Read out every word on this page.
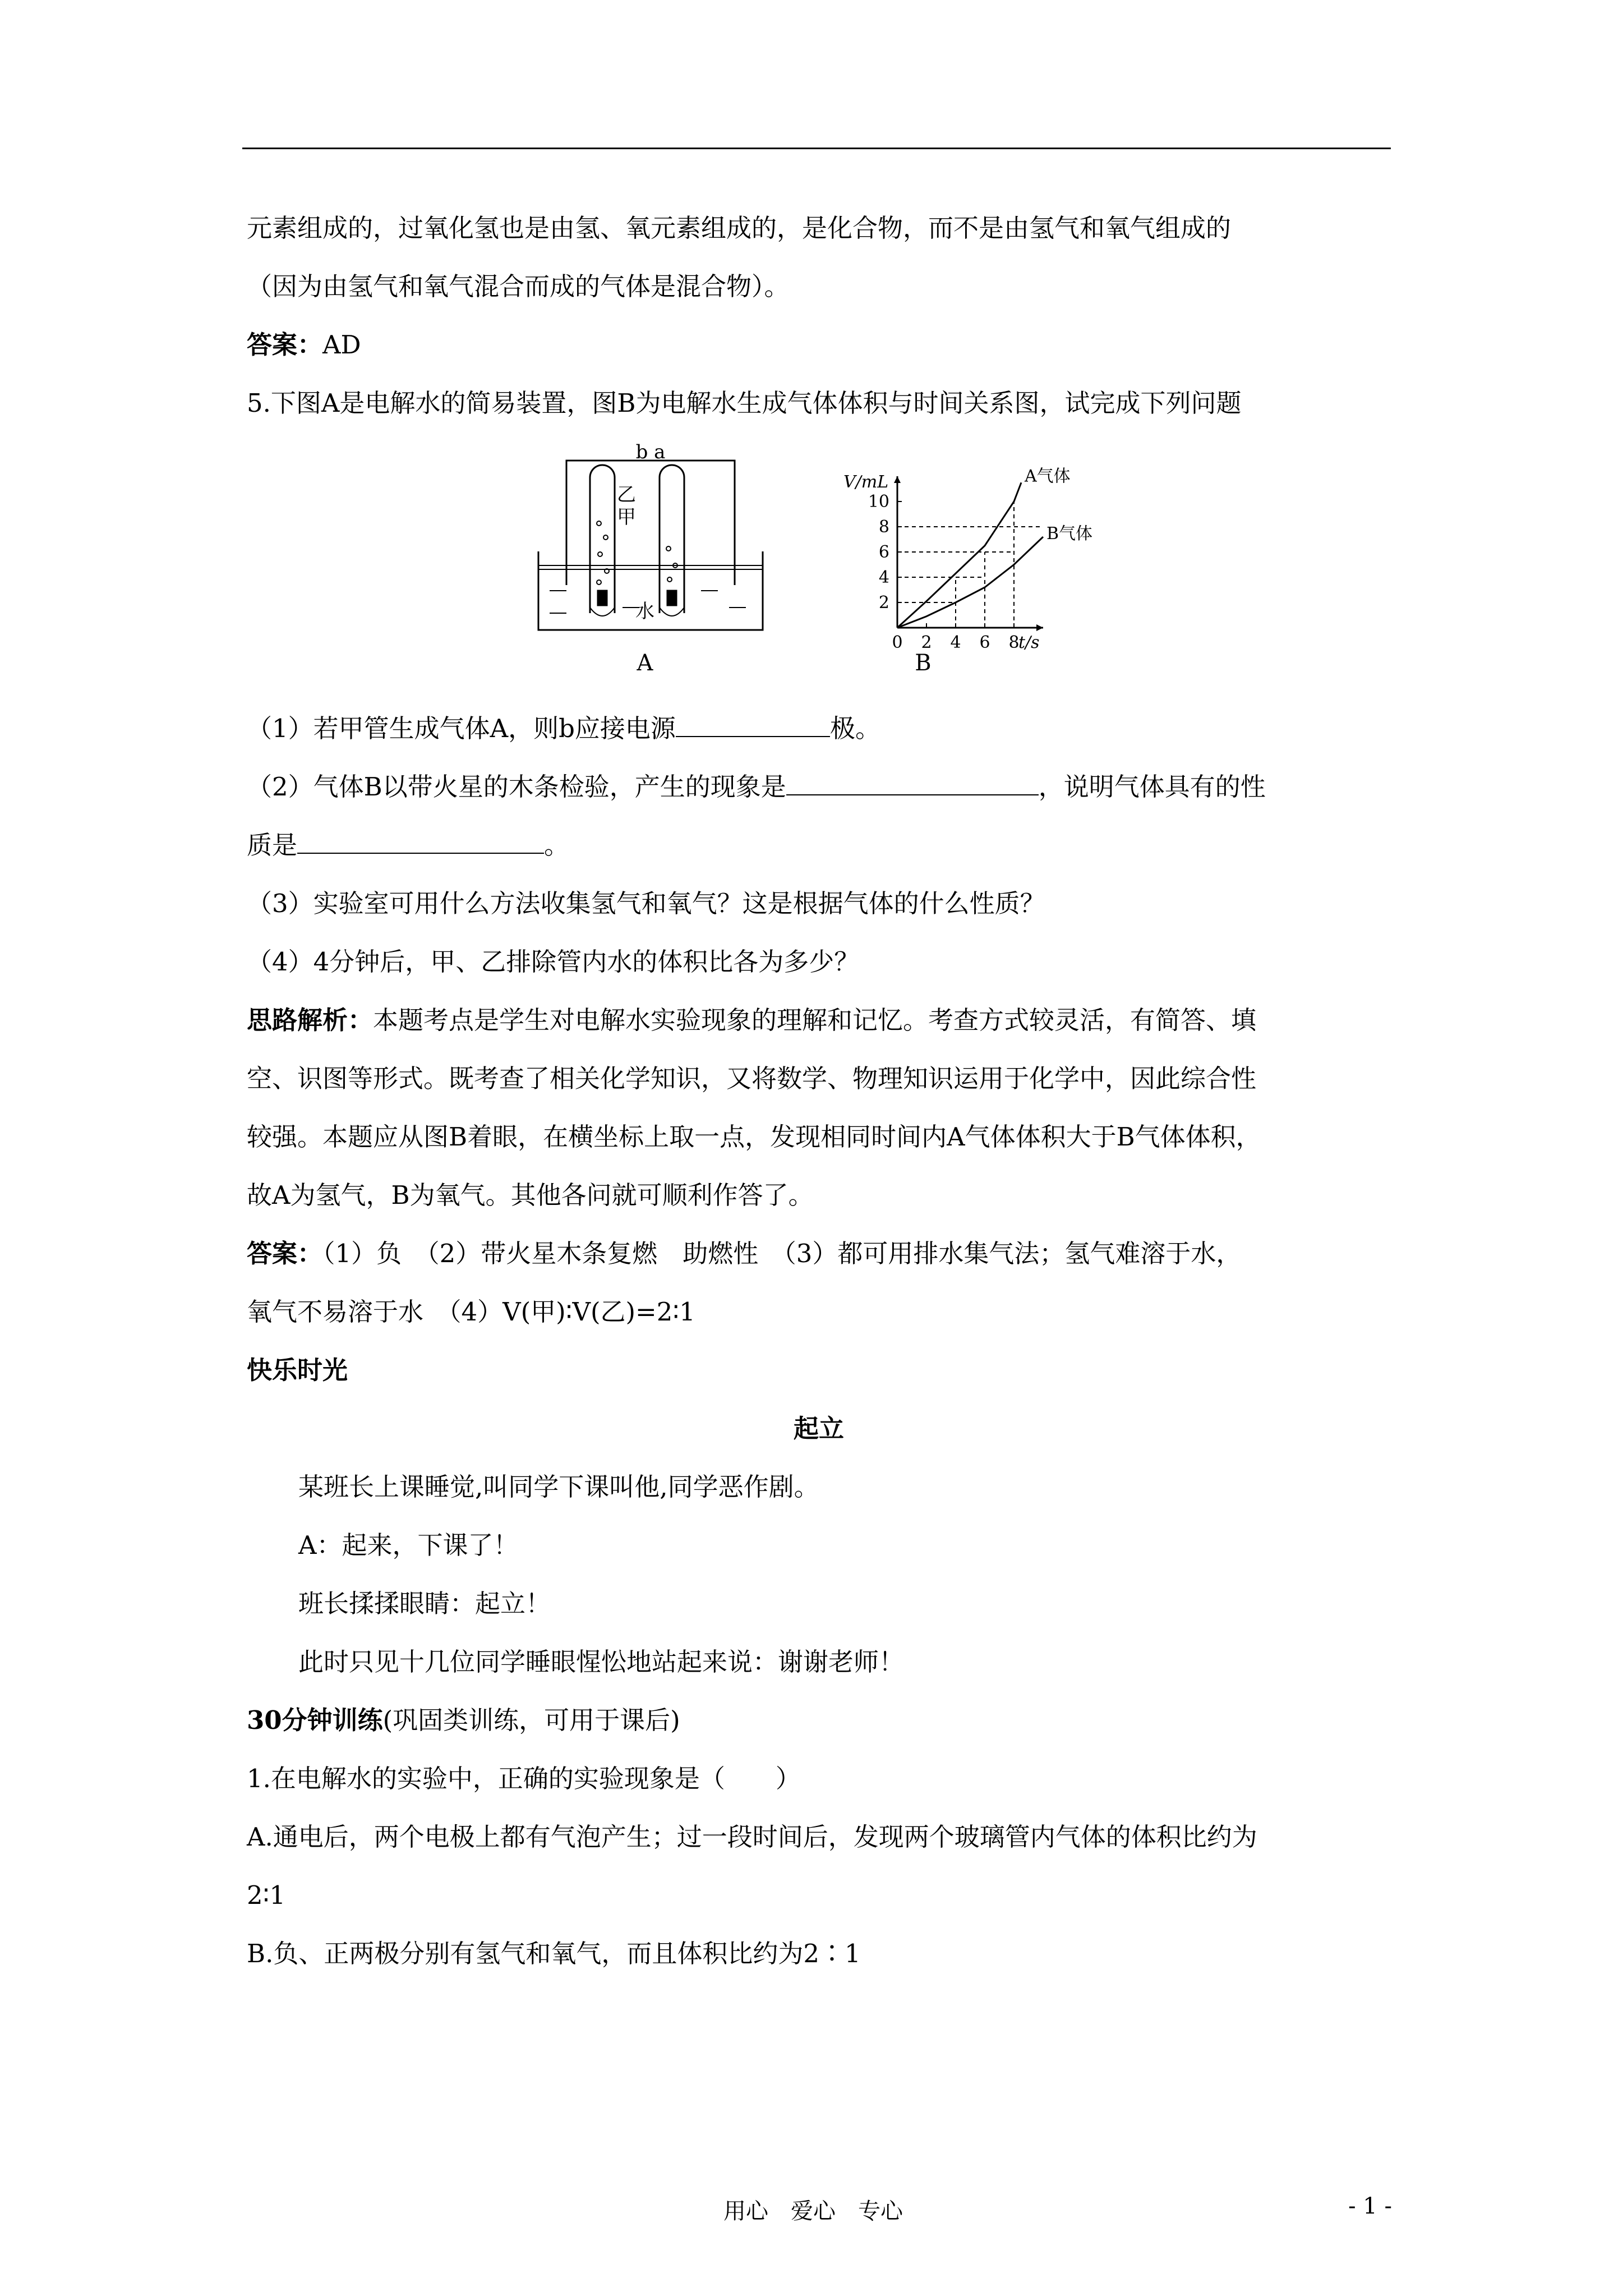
元素组成的，过氧化氢也是由氢、氧元素组成的，是化合物，而不是由氢气和氧气组成的
（因为由氢气和氧气混合而成的气体是混合物）。
答案：AD
5.下图A是电解水的简易装置，图B为电解水生成气体体积与时间关系图，试完成下列问题
b a
乙
甲
水
A
0 2 4 6 8
2
4
6
8
10
A气体
B气体
V/mL
t/s
B
（1）若甲管生成气体A，则b应接电源	极。
（2）气体B以带火星的木条检验，产生的现象是	，说明气体具有的性
质是	。
（3）实验室可用什么方法收集氢气和氧气？这是根据气体的什么性质？
（4）4分钟后，甲、乙排除管内水的体积比各为多少？
思路解析：本题考点是学生对电解水实验现象的理解和记忆。考查方式较灵活，有简答、填
空、识图等形式。既考查了相关化学知识，又将数学、物理知识运用于化学中，因此综合性
较强。本题应从图B着眼，在横坐标上取一点，发现相同时间内A气体体积大于B气体体积，
故A为氢气，B为氧气。其他各问就可顺利作答了。
答案：（1）负　（2）带火星木条复燃　助燃性　（3）都可用排水集气法；氢气难溶于水，
氧气不易溶于水　（4）V(甲)∶V(乙)=2∶1
快乐时光
起立
某班长上课睡觉,叫同学下课叫他,同学恶作剧。
A：起来，下课了！
班长揉揉眼睛：起立！
此时只见十几位同学睡眼惺忪地站起来说：谢谢老师！
30分钟训练(巩固类训练，可用于课后)
1.在电解水的实验中，正确的实验现象是（　　）
A.通电后，两个电极上都有气泡产生；过一段时间后，发现两个玻璃管内气体的体积比约为
2∶1
B.负、正两极分别有氢气和氧气，而且体积比约为2∶1
用心　爱心　专心	- 1 -
